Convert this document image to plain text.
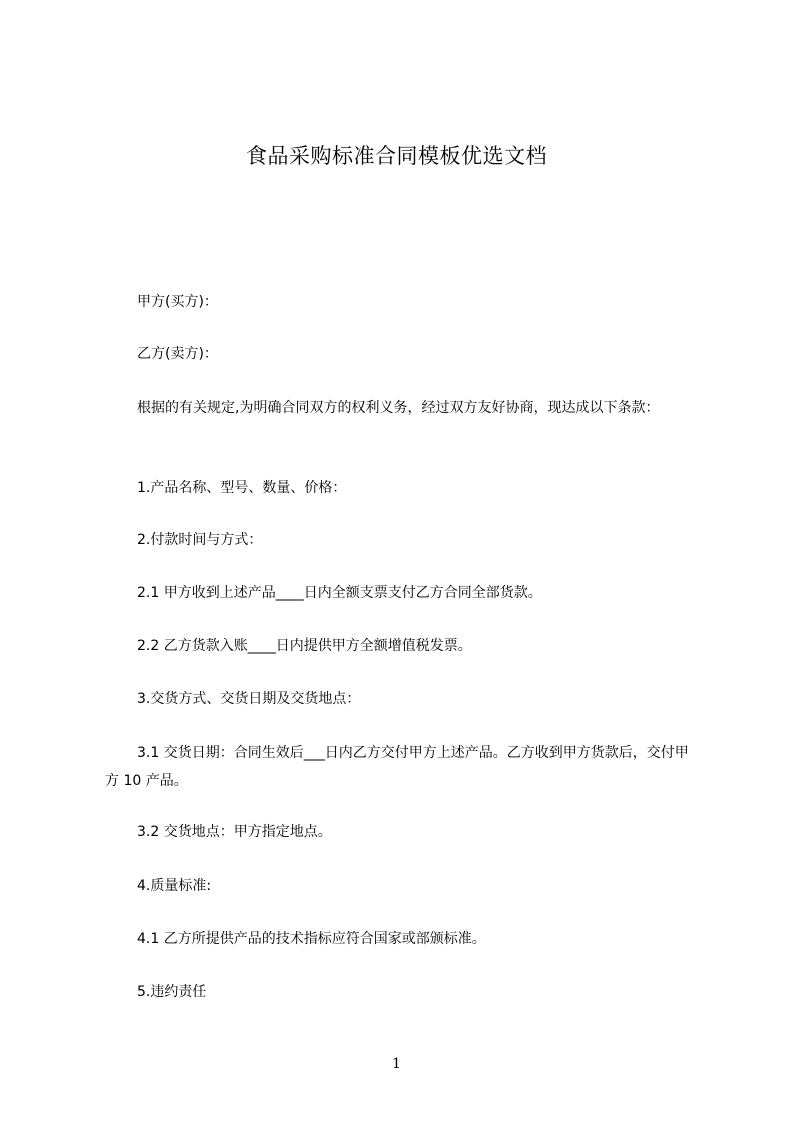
食品采购标准合同模板优选文档
甲方(买方)：
乙方(卖方)：
根据的有关规定,为明确合同双方的权利义务，经过双方友好协商，现达成以下条款：
1.产品名称、型号、数量、价格：
2.付款时间与方式：
2.1 甲方收到上述产品____日内全额支票支付乙方合同全部货款。
2.2 乙方货款入账____日内提供甲方全额增值税发票。
3.交货方式、交货日期及交货地点：
3.1 交货日期：合同生效后___日内乙方交付甲方上述产品。乙方收到甲方货款后，交付甲方 10 产品。
3.2 交货地点：甲方指定地点。
4.质量标准:
4.1 乙方所提供产品的技术指标应符合国家或部颁标准。
5.违约责任
1
